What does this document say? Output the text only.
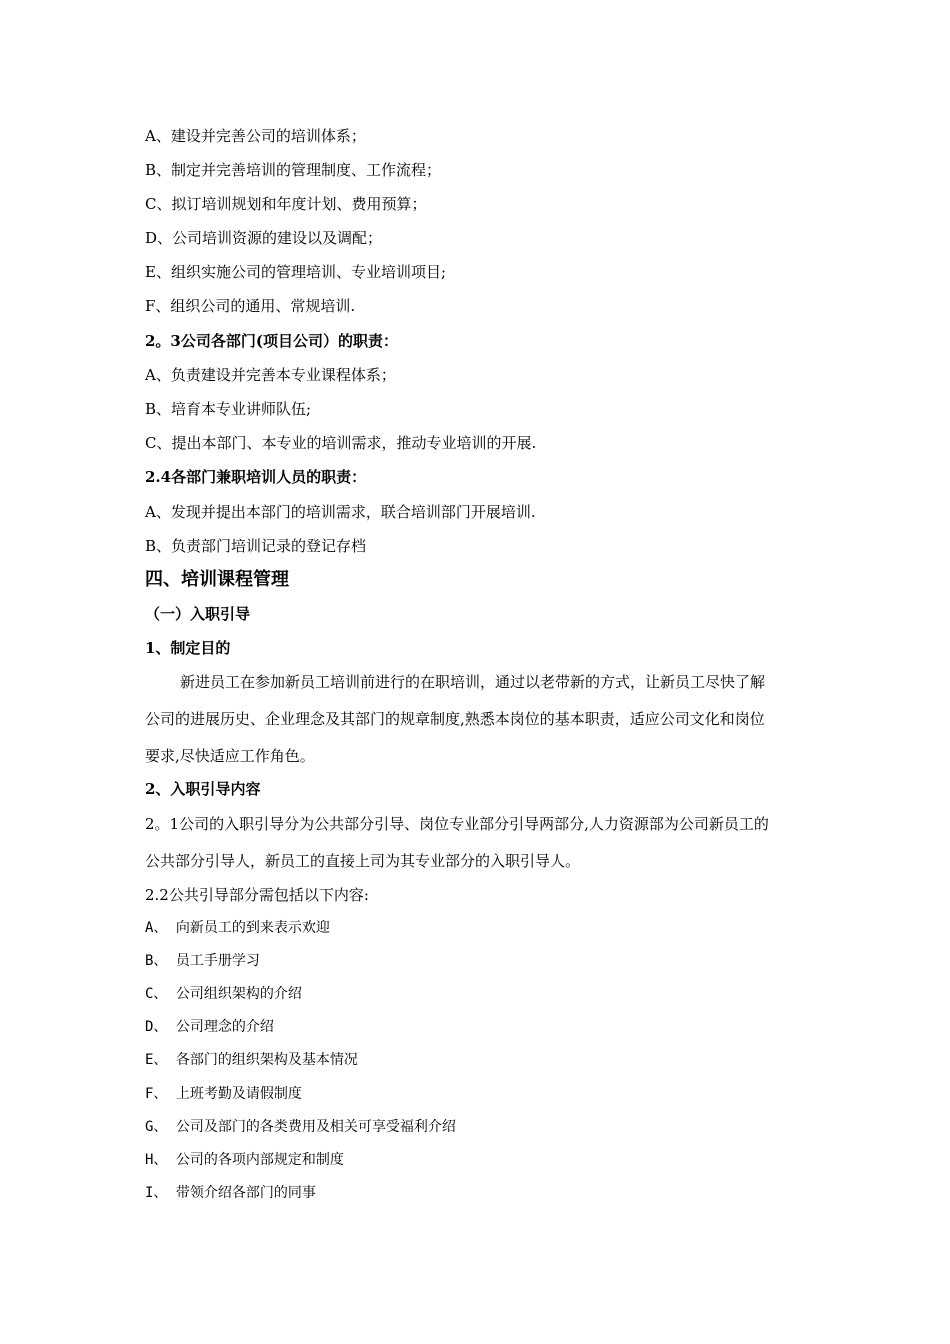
A、建设并完善公司的培训体系；
B、制定并完善培训的管理制度、工作流程；
C、拟订培训规划和年度计划、费用预算；
D、公司培训资源的建设以及调配；
E、组织实施公司的管理培训、专业培训项目;
F、组织公司的通用、常规培训.
2。3公司各部门(项目公司）的职责：
A、负责建设并完善本专业课程体系；
B、培育本专业讲师队伍;
C、提出本部门、本专业的培训需求，推动专业培训的开展.
2.4各部门兼职培训人员的职责：
A、发现并提出本部门的培训需求，联合培训部门开展培训.
B、负责部门培训记录的登记存档
四、培训课程管理
（一）入职引导
1、制定目的
新进员工在参加新员工培训前进行的在职培训，通过以老带新的方式，让新员工尽快了解
公司的进展历史、企业理念及其部门的规章制度,熟悉本岗位的基本职责，适应公司文化和岗位
要求,尽快适应工作角色。
2、入职引导内容
2。1公司的入职引导分为公共部分引导、岗位专业部分引导两部分,人力资源部为公司新员工的
公共部分引导人，新员工的直接上司为其专业部分的入职引导人。
2.2公共引导部分需包括以下内容:
A、 向新员工的到来表示欢迎
B、 员工手册学习
C、 公司组织架构的介绍
D、 公司理念的介绍
E、 各部门的组织架构及基本情况
F、 上班考勤及请假制度
G、 公司及部门的各类费用及相关可享受福利介绍
H、 公司的各项内部规定和制度
I、 带领介绍各部门的同事
